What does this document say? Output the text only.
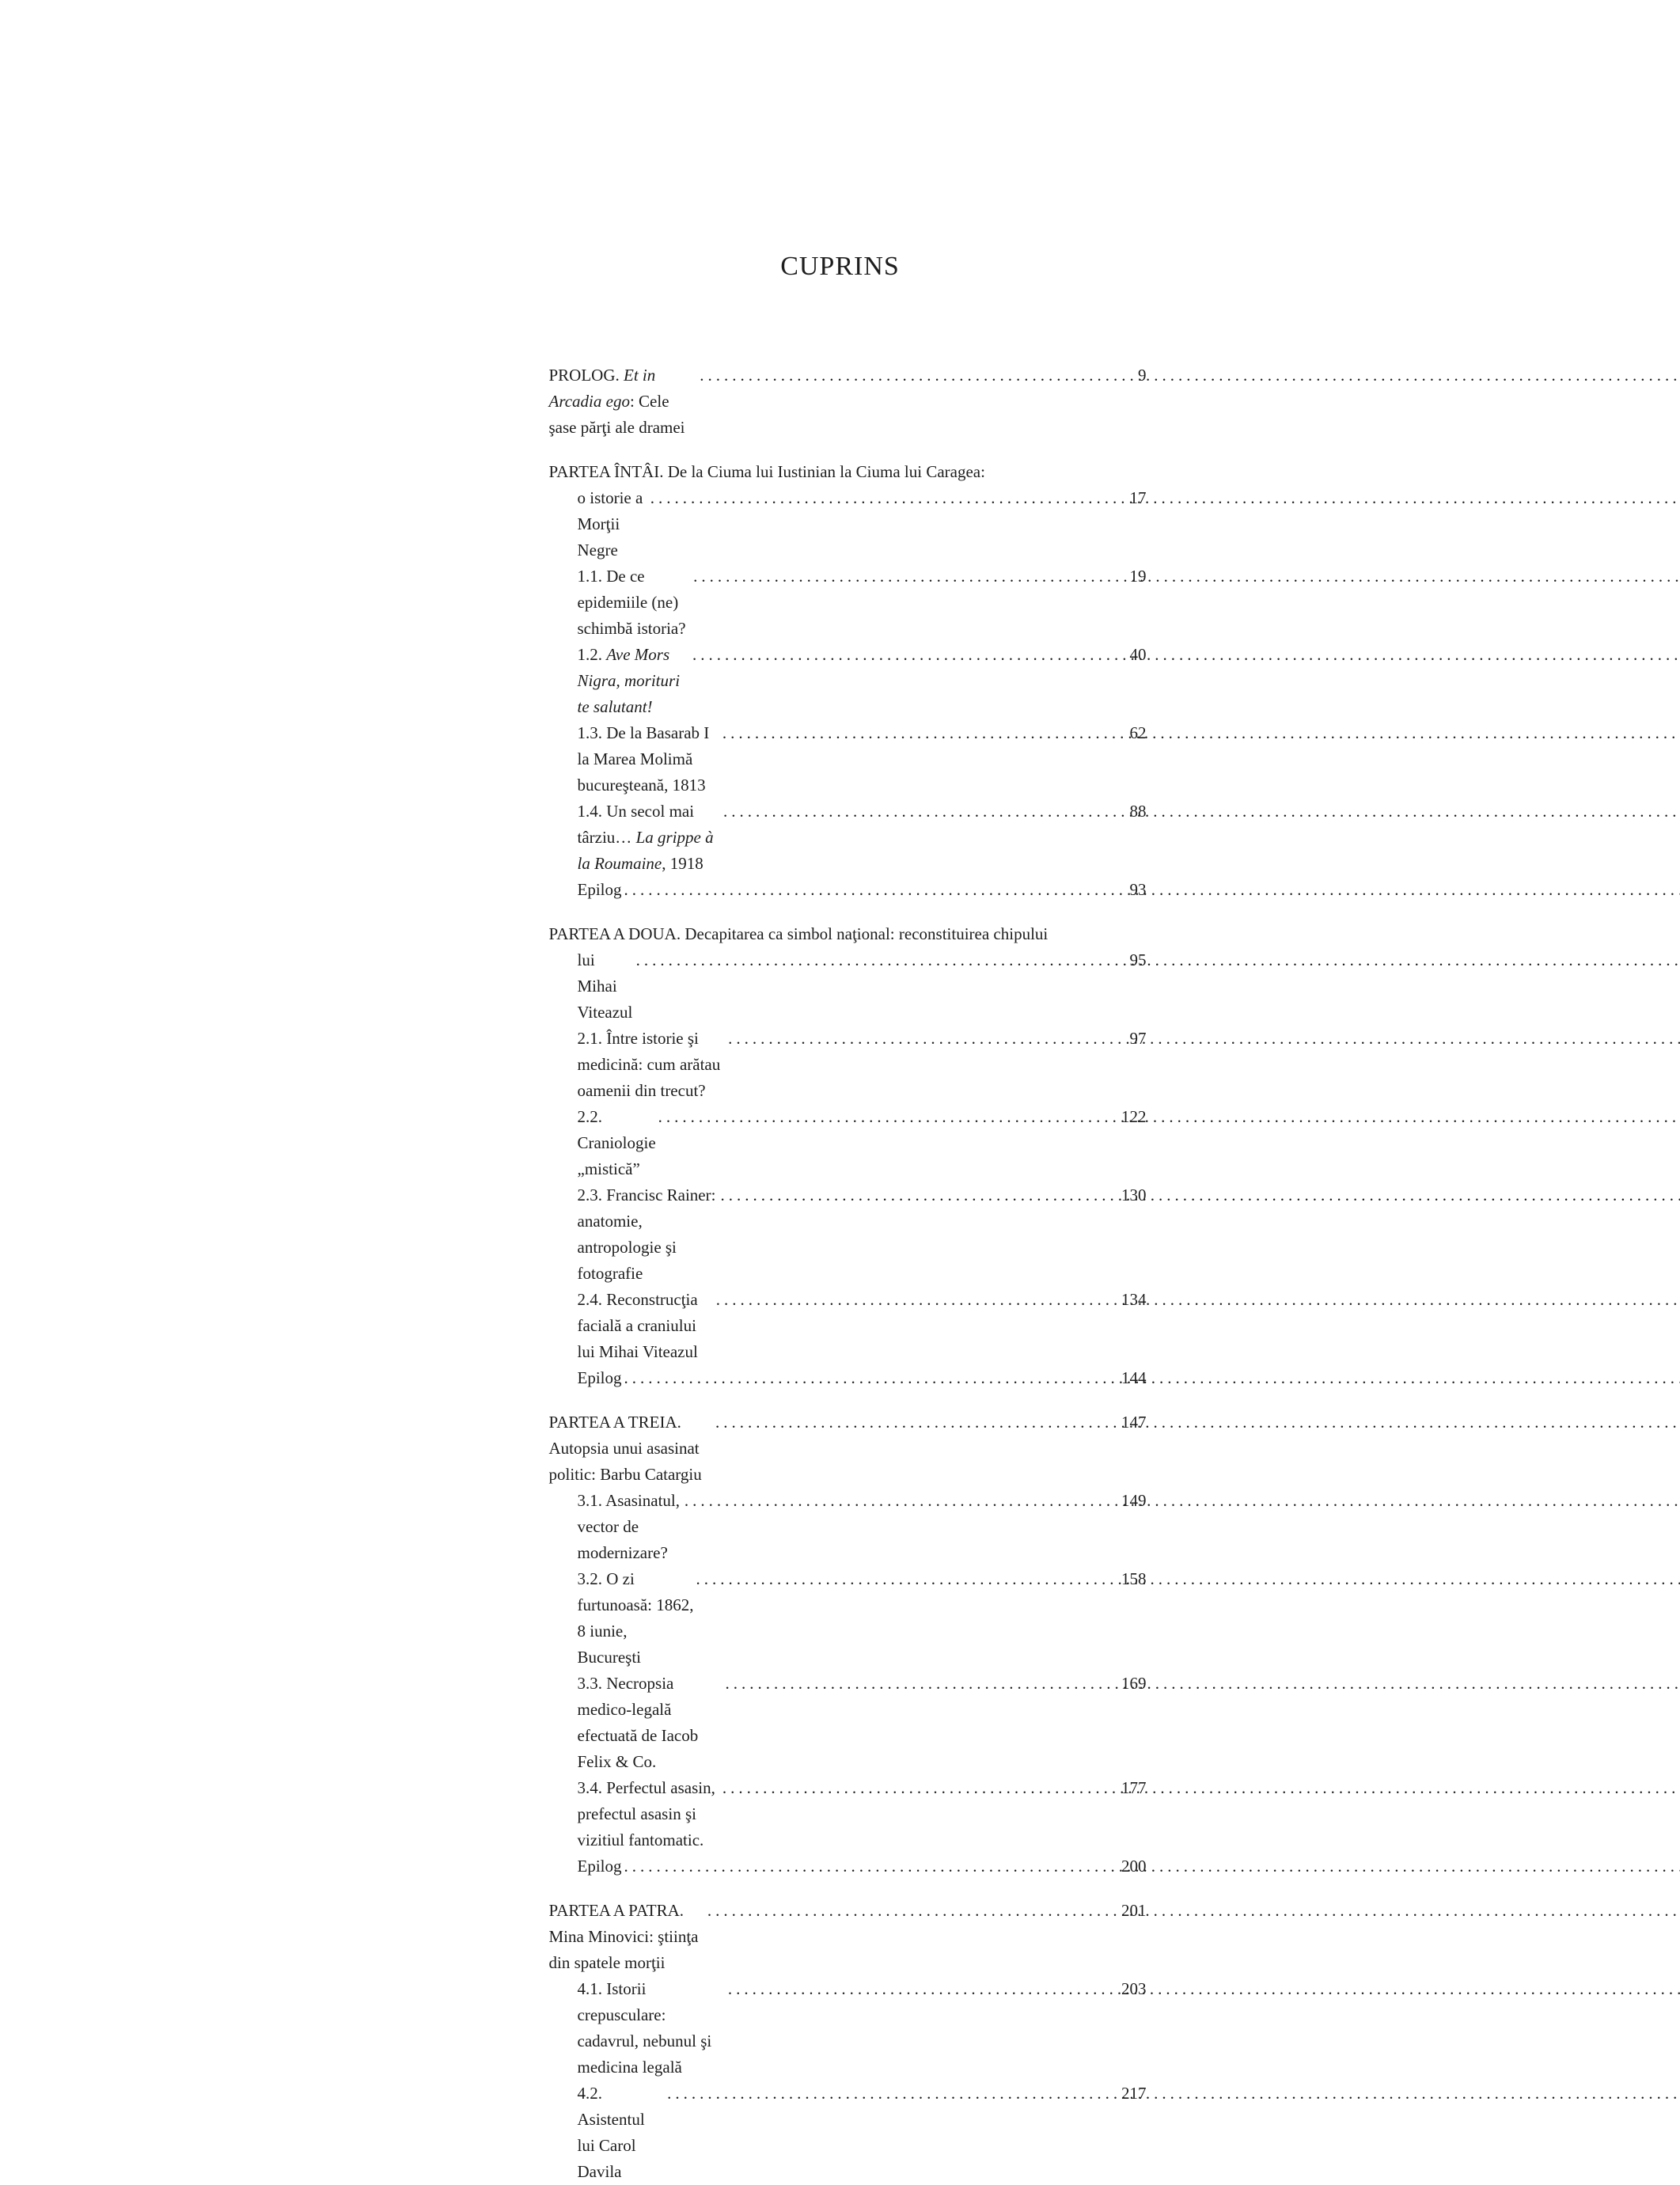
CUPRINS
PROLOG. Et in Arcadia ego: Cele şase părţi ale dramei
.....
9
PARTEA ÎNTÂI. De la Ciuma lui Iustinian la Ciuma lui Caragea:
o istorie a Morţii Negre
.....
17
1.1. De ce epidemiile (ne) schimbă istoria?
.....
19
1.2. Ave Mors Nigra, morituri te salutant!
.....
40
1.3. De la Basarab I la Marea Molimă bucureşteană, 1813
.....
62
1.4. Un secol mai târziu… La grippe à la Roumaine, 1918
.....
88
Epilog .....	93
PARTEA A DOUA. Decapitarea ca simbol naţional: reconstituirea chipului
lui Mihai Viteazul
.....
95
2.1. Între istorie şi medicină: cum arătau oamenii din trecut?
.....
97
2.2. Craniologie „mistică”
.....
122
2.3. Francisc Rainer: anatomie, antropologie şi fotografie
.....
130
2.4. Reconstrucţia facială a craniului lui Mihai Viteazul
.....
134
Epilog .....	144
PARTEA A TREIA. Autopsia unui asasinat politic: Barbu Catargiu
.....
147
3.1. Asasinatul, vector de modernizare?
.....
149
3.2. O zi furtunoasă: 1862, 8 iunie, Bucureşti
.....
158
3.3. Necropsia medico-legală efectuată de Iacob Felix & Co.
.....
169
3.4. Perfectul asasin, prefectul asasin şi vizitiul fantomatic.
.....
177
Epilog .....	200
PARTEA A PATRA. Mina Minovici: ştiinţa din spatele morţii
.....
201
4.1. Istorii crepusculare: cadavrul, nebunul şi medicina legală
.....
203
4.2. Asistentul lui Carol Davila
.....
217
